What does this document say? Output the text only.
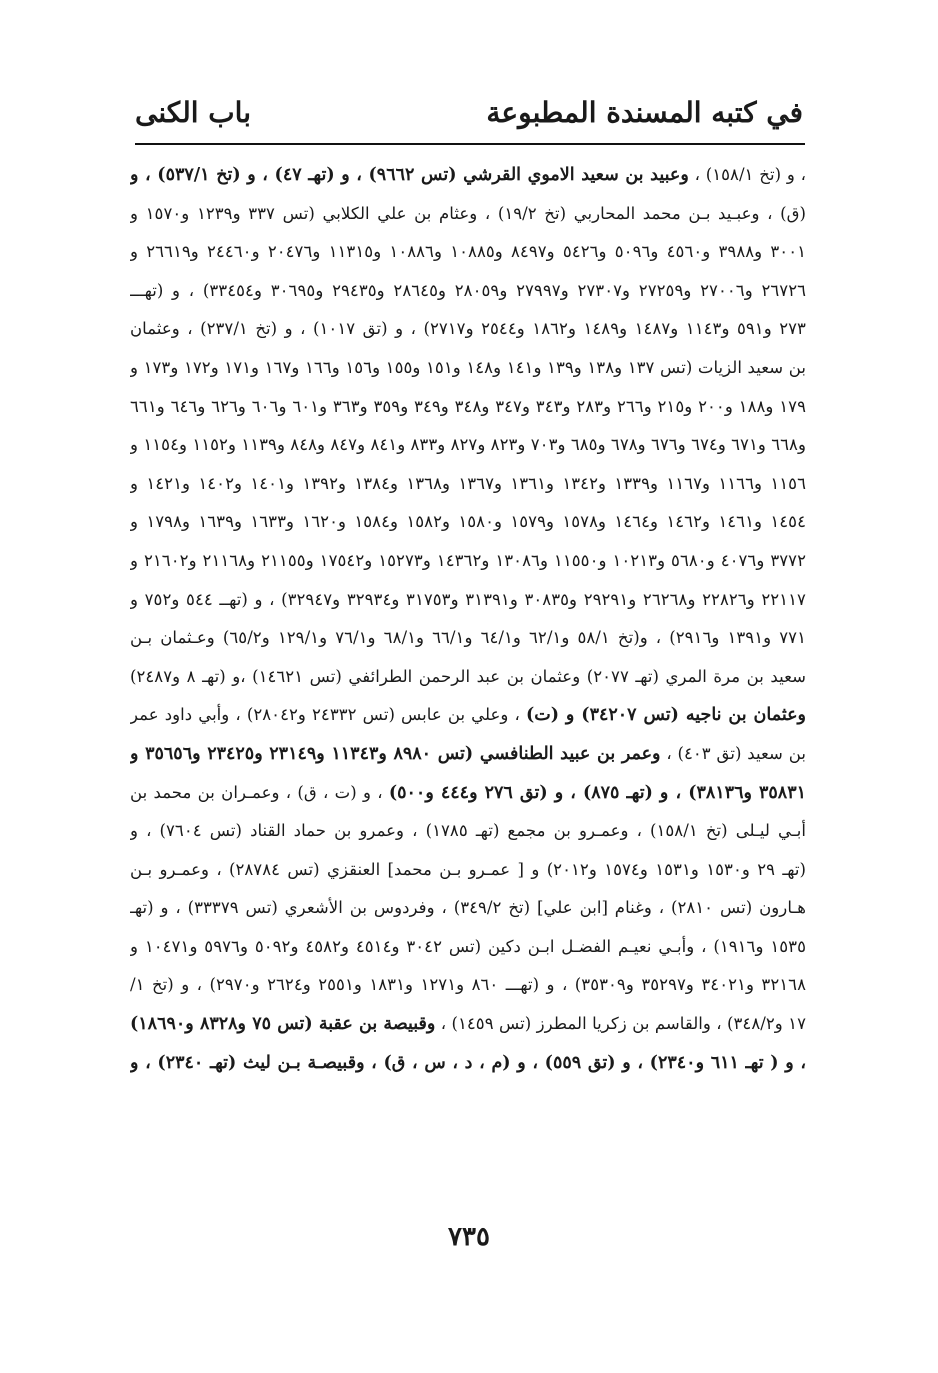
في كتبه المسندة المطبوعة
باب الكنى
، و (تخ ١٥٨/١) ، وعبيد بن سعيد الاموي القرشي (تس ٩٦٦٢) ، و (تهـ ٤٧) ، و (تخ ٥٣٧/١) ، و
(ق) ، وعبـيد بـن محمد المحاربي (تخ ١٩/٢) ، وعثام بن علي الكلابي (تس ٣٣٧ و١٢٣٩ و١٥٧٠ و
٣٠٠١ و٣٩٨٨ و٤٥٦٠ و٥٠٩٦ و٥٤٢٦ و٨٤٩٧ و١٠٨٨٥ و١٠٨٨٦ و١١٣١٥ و٢٠٤٧٦ و٢٤٤٦٠ و٢٦٦١٩ و
٢٦٧٢٦ و٢٧٠٠٦ و٢٧٢٥٩ و٢٧٣٠٧ و٢٧٩٩٧ و٢٨٠٥٩ و٢٨٦٤٥ و٢٩٤٣٥ و٣٠٦٩٥ و٣٣٤٥٤) ، و (تهـــ
٢٧٣ و٥٩١ و١١٤٣ و١٤٨٧ و١٤٨٩ و١٨٦٢ و٢٥٤٤ و٢٧١٧) ، و (تق ١٠١٧) ، و (تخ ٢٣٧/١) ، وعثمان
بن سعيد الزيات (تس ١٣٧ و١٣٨ و١٣٩ و١٤١ و١٤٨ و١٥١ و١٥٥ و١٥٦ و١٦٦ و١٦٧ و١٧١ و١٧٢ و١٧٣ و
١٧٩ و١٨٨ و٢٠٠ و٢١٥ و٢٦٦ و٢٨٣ و٣٤٣ و٣٤٧ و٣٤٨ و٣٤٩ و٣٥٩ و٣٦٣ و٦٠١ و٦٠٦ و٦٢٦ و٦٤٦ و٦٦١
و٦٦٨ و٦٧١ و٦٧٤ و٦٧٦ و٦٧٨ و٦٨٥ و٧٠٣ و٨٢٣ و٨٢٧ و٨٣٣ و٨٤١ و٨٤٧ و٨٤٨ و١١٣٩ و١١٥٢ و١١٥٤ و
١١٥٦ و١١٦٦ و١١٦٧ و١٣٣٩ و١٣٤٢ و١٣٦١ و١٣٦٧ و١٣٦٨ و١٣٨٤ و١٣٩٢ و١٤٠١ و١٤٠٢ و١٤٢١ و
١٤٥٤ و١٤٦١ و١٤٦٢ و١٤٦٤ و١٥٧٨ و١٥٧٩ و١٥٨٠ و١٥٨٢ و١٥٨٤ و١٦٢٠ و١٦٣٣ و١٦٣٩ و١٧٩٨ و
٣٧٧٢ و٤٠٧٦ و٥٦٨٠ و١٠٢١٣ و١١٥٥٠ و١٣٠٨٦ و١٤٣٦٢ و١٥٢٧٣ و١٧٥٤٢ و٢١١٥٥ و٢١١٦٨ و٢١٦٠٢ و
٢٢١١٧ و٢٢٨٢٦ و٢٦٢٦٨ و٢٩٢٩١ و٣٠٨٣٥ و٣١٣٩١ و٣١٧٥٣ و٣٢٩٣٤ و٣٢٩٤٧) ، و (تهــ ٥٤٤ و٧٥٢ و
٧٧١ و١٣٩١ و٢٩١٦) ، و(تخ ٥٨/١ و٦٢/١ و٦٤/١ و٦٦/١ و٦٨/١ و٧٦/١ و١٢٩/١ و٦٥/٢) وعـثمان بـن
سعيد بن مرة المري (تهـ ٢٠٧٧) وعثمان بن عبد الرحمن الطرائفي (تس ١٤٦٢١) ،و (تهـ ٨ و٢٤٨٧)
وعثمان بن ناجيه (تس ٣٤٢٠٧) و (ت) ، وعلي بن عابس (تس ٢٤٣٣٢ و٢٨٠٤٢) ، وأبي داود عمر
بن سعيد (تق ٤٠٣) ، وعمر بن عبيد الطنافسي (تس ٨٩٨٠ و١١٣٤٣ و٢٣١٤٩ و٢٣٤٢٥ و٣٥٦٥٦ و
٣٥٨٣١ و٣٨١٣٦) ، و (تهـ ٨٧٥) ، و (تق ٢٧٦ و٤٤٤ و٥٠٠) ، و (ت ، ق) ، وعمـران بن محمد بن
أبـي ليـلى (تخ ١٥٨/١) ، وعمـرو بن مجمع (تهـ ١٧٨٥) ، وعمرو بن حماد القناد (تس ٧٦٠٤) ، و
(تهـ ٢٩ و١٥٣٠ و١٥٣١ و١٥٧٤ و٢٠١٢) و [ عمـرو بـن محمد] العنقزي (تس ٢٨٧٨٤) ، وعمـرو بـن
هـارون (تس ٢٨١٠) ، وغنام [ابن علي] (تخ ٣٤٩/٢) ، وفردوس بن الأشعري (تس ٣٣٣٧٩) ، و (تهـ
١٥٣٥ و١٩١٦) ، وأبـي نعيـم الفضـل ابـن دكين (تس ٣٠٤٢ و٤٥١٤ و٤٥٨٢ و٥٠٩٢ و٥٩٧٦ و١٠٤٧١ و
٣٢١٦٨ و٣٤٠٢١ و٣٥٢٩٧ و٣٥٣٠٩) ، و (تهـــ ٨٦٠ و١٢٧١ و١٨٣١ و٢٥٥١ و٢٦٢٤ و٢٩٧٠) ، و (تخ ١/
١٧ و٣٤٨/٢) ، والقاسم بن زكريا المطرز (تس ١٤٥٩) ، وقبيصة بن عقبة (تس ٧٥ و٨٣٢٨ و١٨٦٩٠)
، و ( تهـ ٦١١ و٢٣٤٠) ، و (تق ٥٥٩) ، و (م ، د ، س ، ق) ، وقبيصـة بـن ليث (تهـ ٢٣٤٠) ، و
٧٣٥
